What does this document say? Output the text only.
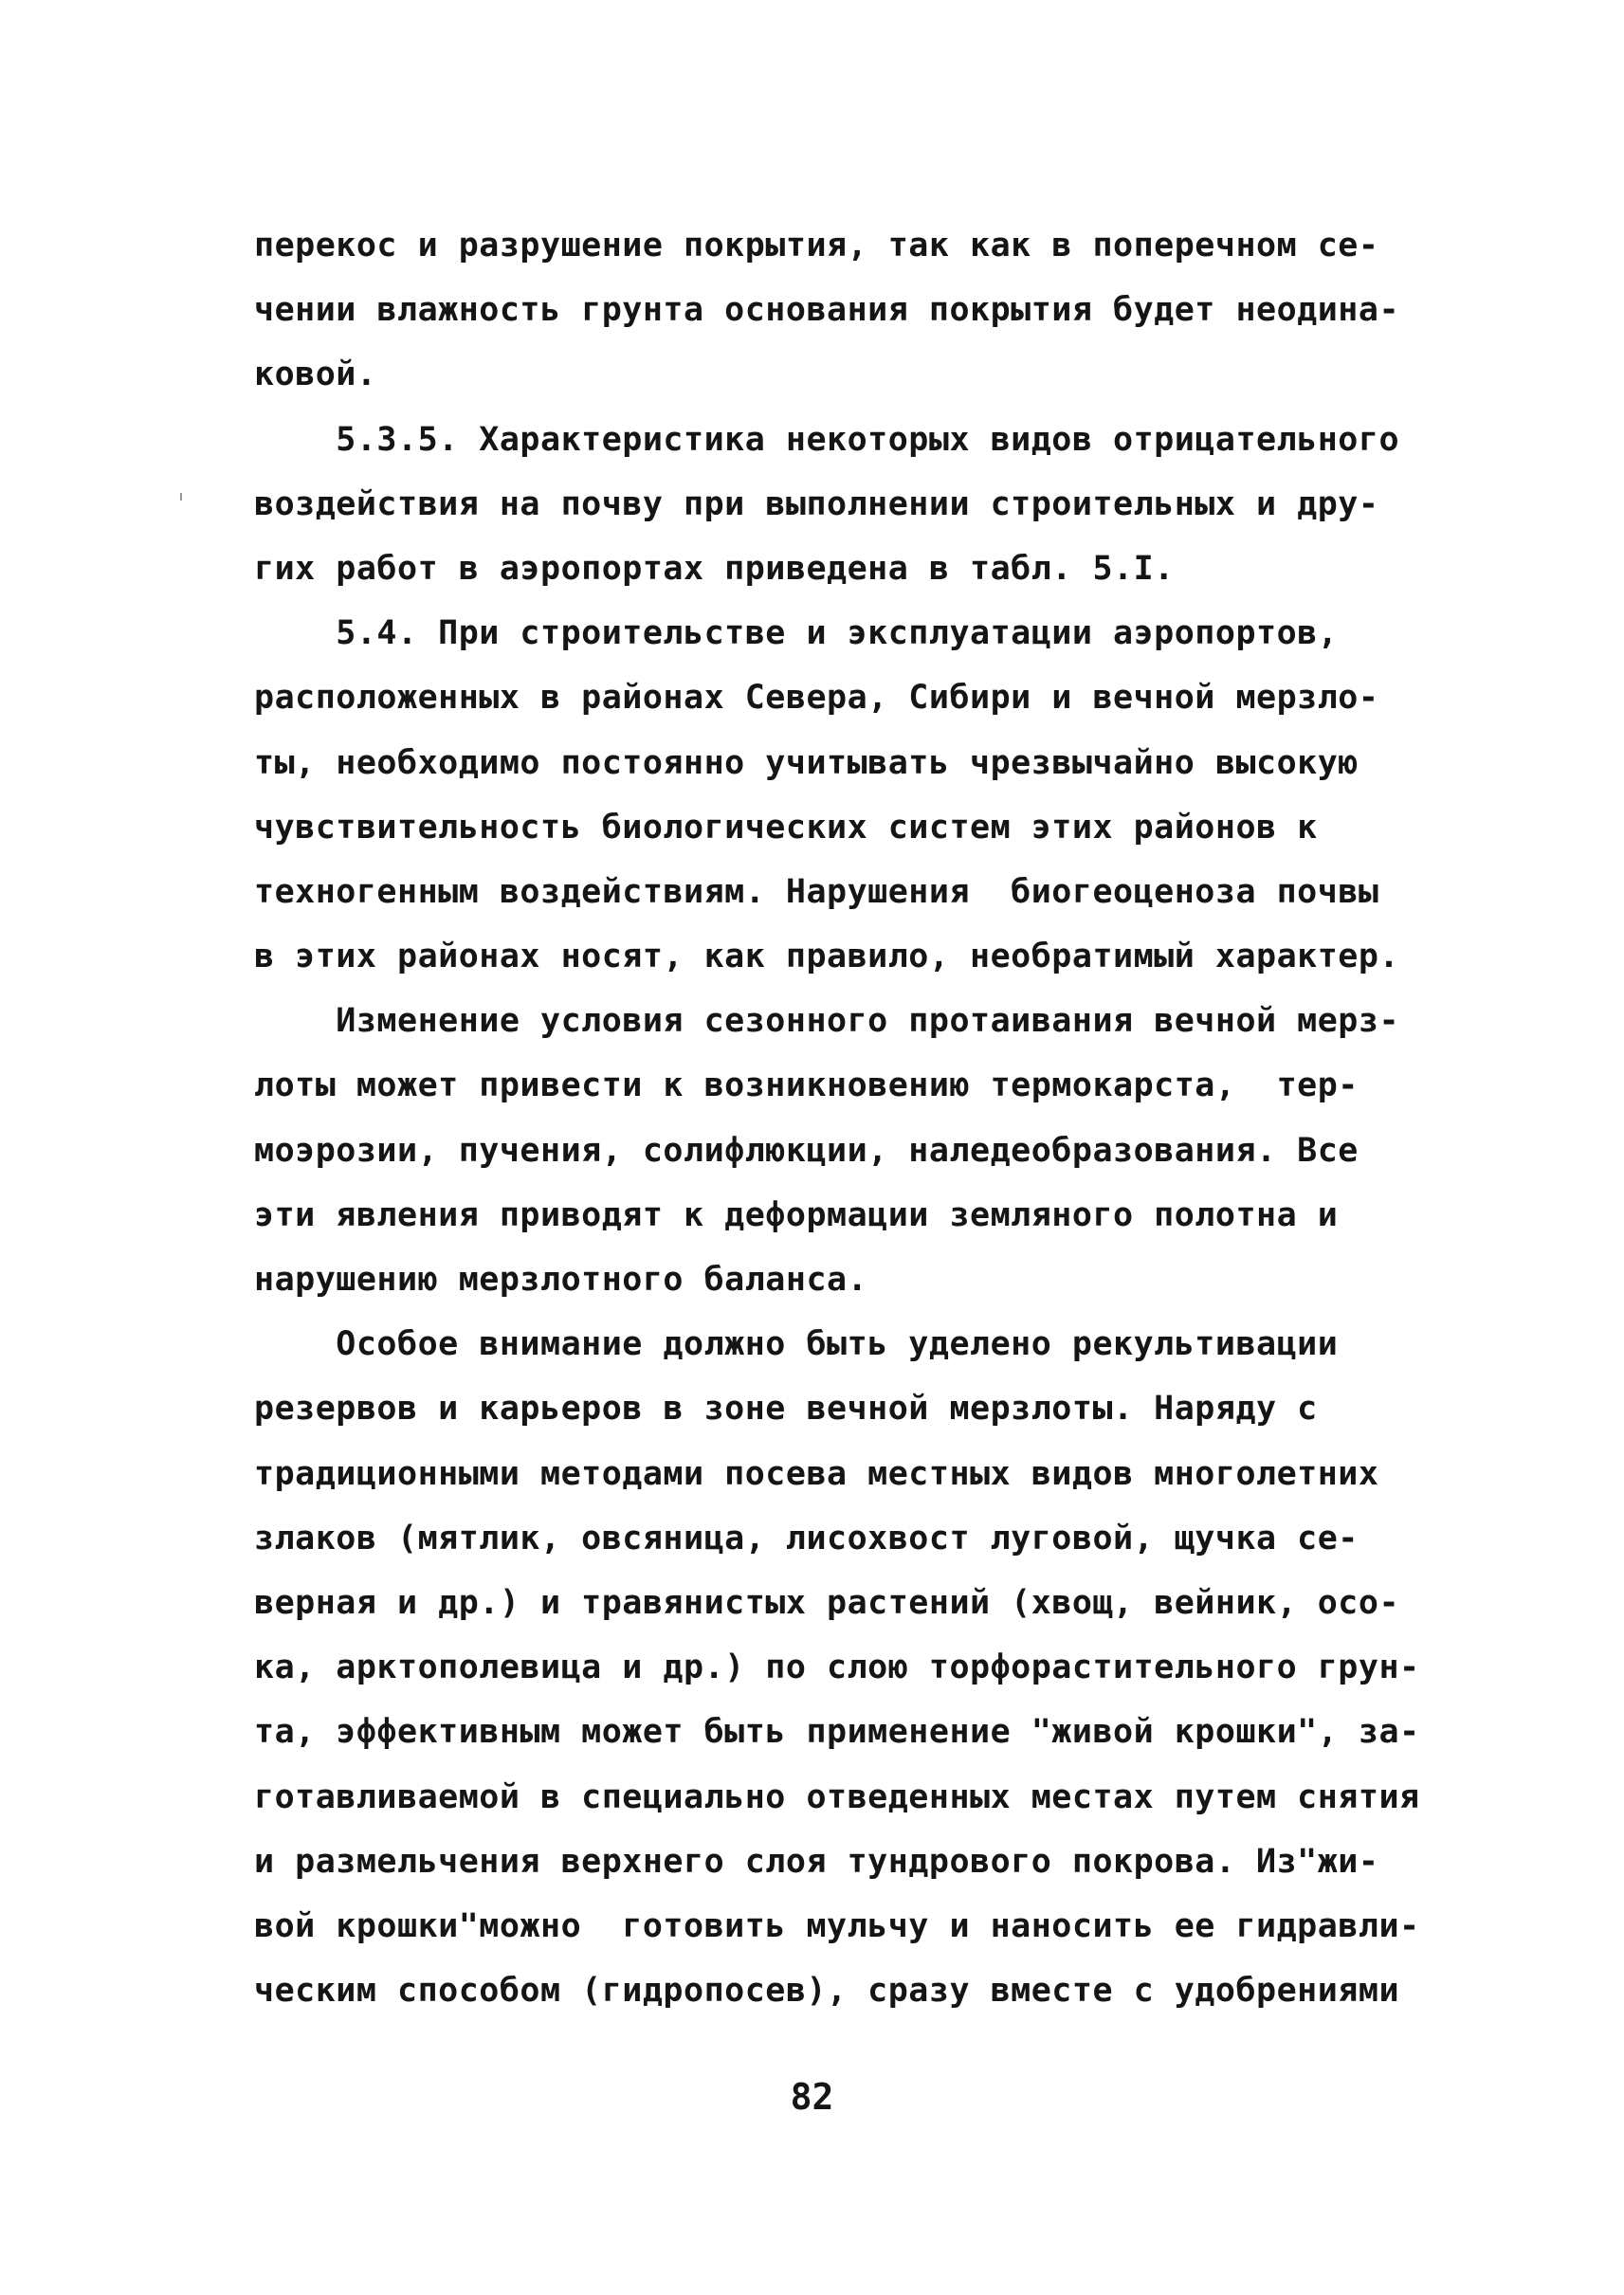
перекос и разрушение покрытия, так как в поперечном се-
чении влажность грунта основания покрытия будет неодина-
ковой.
5.3.5. Характеристика некоторых видов отрицательного
воздействия на почву при выполнении строительных и дру-
гих работ в аэропортах приведена в табл. 5.I.
5.4. При строительстве и эксплуатации аэропортов,
расположенных в районах Севера, Сибири и вечной мерзло-
ты, необходимо постоянно учитывать чрезвычайно высокую
чувствительность биологических систем этих районов к
техногенным воздействиям. Нарушения  биогеоценоза почвы
в этих районах носят, как правило, необратимый характер.
Изменение условия сезонного протаивания вечной мерз-
лоты может привести к возникновению термокарста,  тер-
моэрозии, пучения, солифлюкции, наледеобразования. Все
эти явления приводят к деформации земляного полотна и
нарушению мерзлотного баланса.
Особое внимание должно быть уделено рекультивации
резервов и карьеров в зоне вечной мерзлоты. Наряду с
традиционными методами посева местных видов многолетних
злаков (мятлик, овсяница, лисохвост луговой, щучка се-
верная и др.) и травянистых растений (хвощ, вейник, осо-
ка, арктополевица и др.) по слою торфорастительного грун-
та, эффективным может быть применение "живой крошки", за-
готавливаемой в специально отведенных местах путем снятия
и размельчения верхнего слоя тундрового покрова. Из"жи-
вой крошки"можно  готовить мульчу и наносить ее гидравли-
ческим способом (гидропосев), сразу вместе с удобрениями
82
